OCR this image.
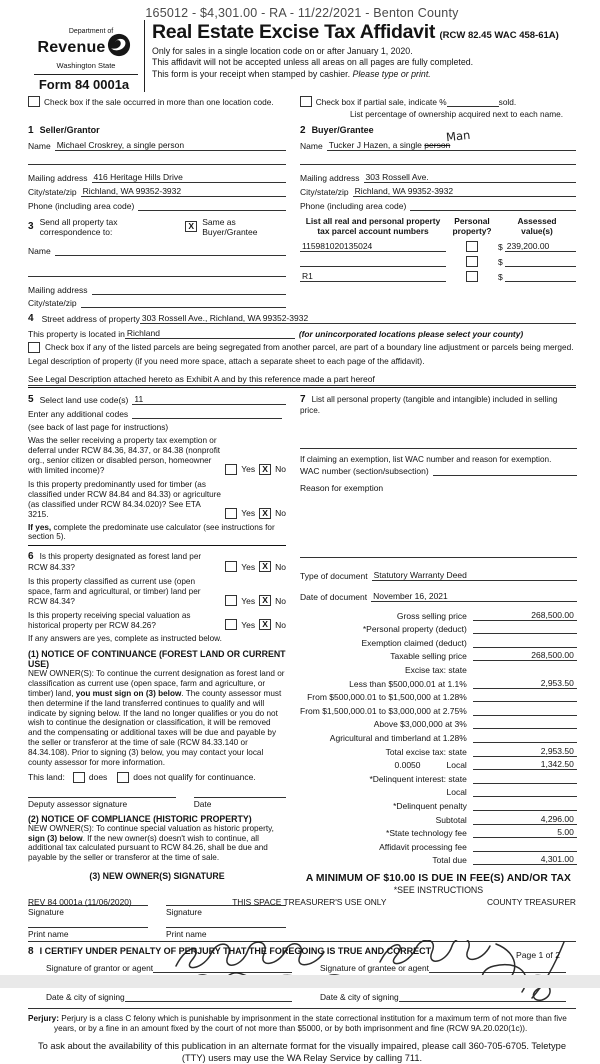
165012 - $4,301.00 - RA - 11/22/2021 - Benton County
Department of
Revenue
Washington State
Form 84 0001a
Real Estate Excise Tax Affidavit (RCW 82.45 WAC 458-61A)
Only for sales in a single location code on or after January 1, 2020.
This affidavit will not be accepted unless all areas on all pages are fully completed.
This form is your receipt when stamped by cashier. Please type or print.
Check box if the sale occurred in more than one location code.	Check box if partial sale, indicate %	sold.
List percentage of ownership acquired next to each name.
1 Seller/Grantor
Name Michael Croskrey, a single person
Mailing address 416 Heritage Hills Drive
City/state/zip Richland, WA 99352-3932
Phone (including area code)
3 Send all property tax correspondence to:
X Same as Buyer/Grantee
Name
Mailing address
City/state/zip
2 Buyer/Grantee
Name Tucker J Hazen, a single person
Man
Mailing address 303 Rossell Ave.
City/state/zip Richland, WA 99352-3932
Phone (including area code)
List all real and personal property
tax parcel account numbers
Personal
property?
Assessed
value(s)
115981020135024	$ 239,200.00
$
R1	$
4 Street address of property 303 Rossell Ave., Richland, WA 99352-3932
This property is located in Richland	(for unincorporated locations please select your county)
Check box if any of the listed parcels are being segregated from another parcel, are part of a boundary line adjustment or parcels being merged.
Legal description of property (if you need more space, attach a separate sheet to each page of the affidavit).
See Legal Description attached hereto as Exhibit A and by this reference made a part hereof
5 Select land use code(s) 11
Enter any additional codes
(see back of last page for instructions)
Was the seller receiving a property tax exemption or deferral under RCW 84.36, 84.37, or 84.38 (nonprofit org., senior citizen or disabled person, homeowner with limited income)?	Yes X No
Is this property predominantly used for timber (as classified under RCW 84.84 and 84.33) or agriculture (as classified under RCW 84.34.020)? See ETA 3215.	Yes X No
If yes, complete the predominate use calculator (see instructions for section 5).
6 Is this property designated as forest land per RCW 84.33?	Yes X No
Is this property classified as current use (open space, farm and agricultural, or timber) land per RCW 84.34?	Yes X No
Is this property receiving special valuation as historical property per RCW 84.26?	Yes X No
If any answers are yes, complete as instructed below.
(1) NOTICE OF CONTINUANCE (FOREST LAND OR CURRENT USE)
NEW OWNER(S): To continue the current designation as forest land or classification as current use (open space, farm and agriculture, or timber) land, you must sign on (3) below. The county assessor must then determine if the land transferred continues to qualify and will indicate by signing below. If the land no longer qualifies or you do not wish to continue the designation or classification, it will be removed and the compensating or additional taxes will be due and payable by the seller or transferor at the time of sale (RCW 84.33.140 or 84.34.108). Prior to signing (3) below, you may contact your local county assessor for more information.
This land:	does	does not qualify for continuance.
Deputy assessor signature	Date
(2) NOTICE OF COMPLIANCE (HISTORIC PROPERTY)
NEW OWNER(S): To continue special valuation as historic property, sign (3) below. If the new owner(s) doesn't wish to continue, all additional tax calculated pursuant to RCW 84.26, shall be due and payable by the seller or transferor at the time of sale.
(3) NEW OWNER(S) SIGNATURE
Signature	Signature
Print name	Print name
7 List all personal property (tangible and intangible) included in selling price.
If claiming an exemption, list WAC number and reason for exemption.
WAC number (section/subsection)
Reason for exemption
Type of document Statutory Warranty Deed
Date of document November 16, 2021
Gross selling price	268,500.00
*Personal property (deduct)
Exemption claimed (deduct)
Taxable selling price	268,500.00
Excise tax: state
Less than $500,000.01 at 1.1%	2,953.50
From $500,000.01 to $1,500,000 at 1.28%
From $1,500,000.01 to $3,000,000 at 2.75%
Above $3,000,000 at 3%
Agricultural and timberland at 1.28%
Total excise tax: state	2,953.50
0.0050	Local	1,342.50
*Delinquent interest: state
Local
*Delinquent penalty
Subtotal	4,296.00
*State technology fee	5.00
Affidavit processing fee
Total due	4,301.00
A MINIMUM OF $10.00 IS DUE IN FEE(S) AND/OR TAX
*SEE INSTRUCTIONS
8 I CERTIFY UNDER PENALTY OF PERJURY THAT THE FOREGOING IS TRUE AND CORRECT
Signature of grantor or agent
Date & city of signing
Signature of grantee or agent
Date & city of signing
Perjury: Perjury is a class C felony which is punishable by imprisonment in the state correctional institution for a maximum term of not more than five years, or by a fine in an amount fixed by the court of not more than $5000, or by both imprisonment and fine (RCW 9A.20.020(1c)).
To ask about the availability of this publication in an alternate format for the visually impaired, please call 360-705-6705. Teletype (TTY) users may use the WA Relay Service by calling 711.
REV 84 0001a (11/06/2020)	THIS SPACE TREASURER'S USE ONLY	COUNTY TREASURER
Page 1 of 2
